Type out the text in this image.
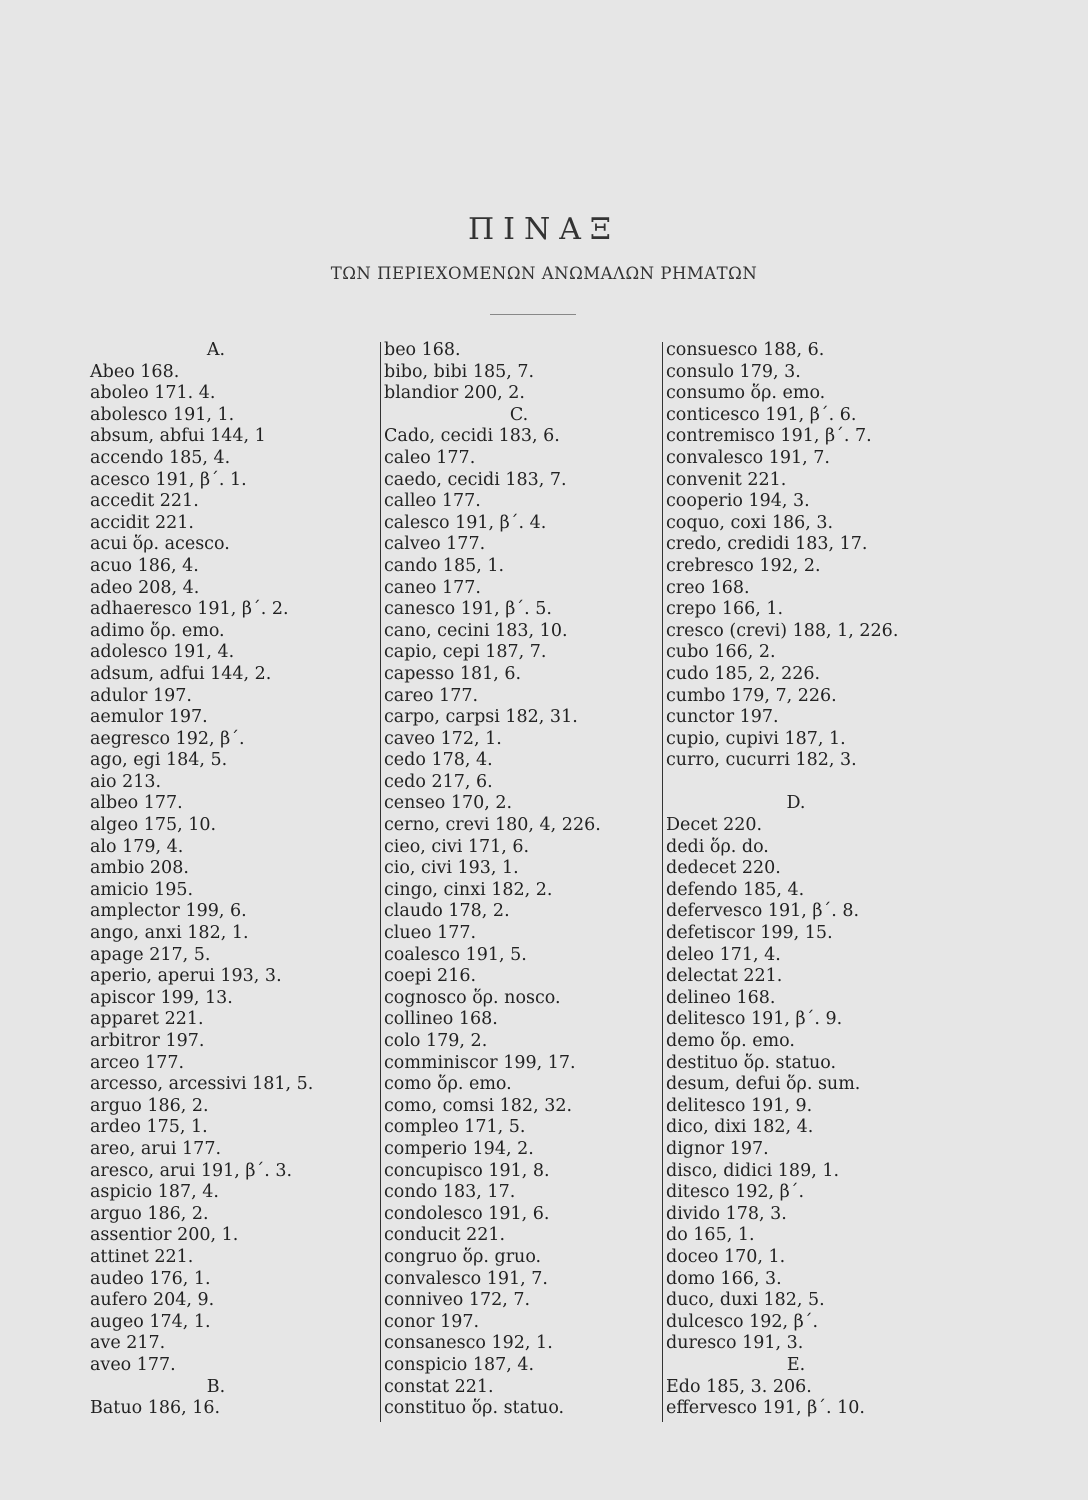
ΠΙΝΑΞ
ΤΩΝ ΠΕΡΙΕΧΟΜΕΝΩΝ ΑΝΩΜΑΛΩΝ ΡΗΜΑΤΩΝ
A.
Abeo 168.
aboleo 171. 4.
abolesco 191, 1.
absum, abfui 144, 1
accendo 185, 4.
acesco 191, β΄. 1.
accedit 221.
accidit 221.
acui ὅρ. acesco.
acuo 186, 4.
adeo 208, 4.
adhaeresco 191, β΄. 2.
adimo ὅρ. emo.
adolesco 191, 4.
adsum, adfui 144, 2.
adulor 197.
aemulor 197.
aegresco 192, β΄.
ago, egi 184, 5.
aio 213.
albeo 177.
algeo 175, 10.
alo 179, 4.
ambio 208.
amicio 195.
amplector 199, 6.
ango, anxi 182, 1.
apage 217, 5.
aperio, aperui 193, 3.
apiscor 199, 13.
apparet 221.
arbitror 197.
arceo 177.
arcesso, arcessivi 181, 5.
arguo 186, 2.
ardeo 175, 1.
areo, arui 177.
aresco, arui 191, β΄. 3.
aspicio 187, 4.
arguo 186, 2.
assentior 200, 1.
attinet 221.
audeo 176, 1.
aufero 204, 9.
augeo 174, 1.
ave 217.
aveo 177.
B.
Batuo 186, 16.
beo 168.
bibo, bibi 185, 7.
blandior 200, 2.
C.
Cado, cecidi 183, 6.
caleo 177.
caedo, cecidi 183, 7.
calleo 177.
calesco 191, β΄. 4.
calveo 177.
cando 185, 1.
caneo 177.
canesco 191, β΄. 5.
cano, cecini 183, 10.
capio, cepi 187, 7.
capesso 181, 6.
careo 177.
carpo, carpsi 182, 31.
caveo 172, 1.
cedo 178, 4.
cedo 217, 6.
censeo 170, 2.
cerno, crevi 180, 4, 226.
cieo, civi 171, 6.
cio, civi 193, 1.
cingo, cinxi 182, 2.
claudo 178, 2.
clueo 177.
coalesco 191, 5.
coepi 216.
cognosco ὅρ. nosco.
collineo 168.
colo 179, 2.
comminiscor 199, 17.
como ὅρ. emo.
como, comsi 182, 32.
compleo 171, 5.
comperio 194, 2.
concupisco 191, 8.
condo 183, 17.
condolesco 191, 6.
conducit 221.
congruo ὅρ. gruo.
convalesco 191, 7.
conniveo 172, 7.
conor 197.
consanesco 192, 1.
conspicio 187, 4.
constat 221.
constituo ὅρ. statuo.
consuesco 188, 6.
consulo 179, 3.
consumo ὅρ. emo.
conticesco 191, β΄. 6.
contremisco 191, β΄. 7.
convalesco 191, 7.
convenit 221.
cooperio 194, 3.
coquo, coxi 186, 3.
credo, credidi 183, 17.
crebresco 192, 2.
creo 168.
crepo 166, 1.
cresco (crevi) 188, 1, 226.
cubo 166, 2.
cudo 185, 2, 226.
cumbo 179, 7, 226.
cunctor 197.
cupio, cupivi 187, 1.
curro, cucurri 182, 3.
D.
Decet 220.
dedi ὅρ. do.
dedecet 220.
defendo 185, 4.
defervesco 191, β΄. 8.
defetiscor 199, 15.
deleo 171, 4.
delectat 221.
delineo 168.
delitesco 191, β΄. 9.
demo ὅρ. emo.
destituo ὅρ. statuo.
desum, defui ὅρ. sum.
delitesco 191, 9.
dico, dixi 182, 4.
dignor 197.
disco, didici 189, 1.
ditesco 192, β΄.
divido 178, 3.
do 165, 1.
doceo 170, 1.
domo 166, 3.
duco, duxi 182, 5.
dulcesco 192, β΄.
duresco 191, 3.
E.
Edo 185, 3. 206.
effervesco 191, β΄. 10.
